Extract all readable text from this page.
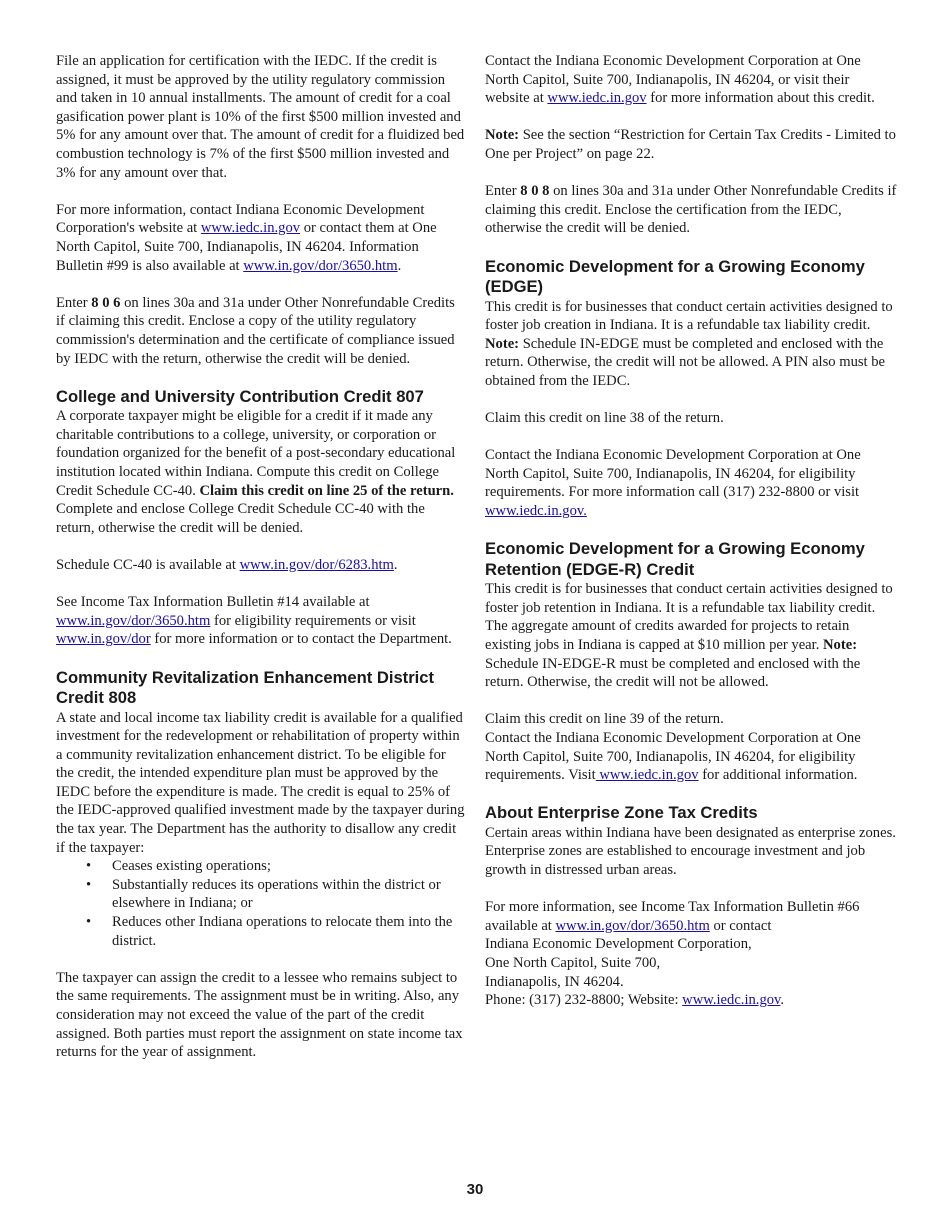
File an application for certification with the IEDC. If the credit is assigned, it must be approved by the utility regulatory commission and taken in 10 annual installments. The amount of credit for a coal gasification power plant is 10% of the first $500 million invested and 5% for any amount over that. The amount of credit for a fluidized bed combustion technology is 7% of the first $500 million invested and 3% for any amount over that.

For more information, contact Indiana Economic Development Corporation's website at www.iedc.in.gov or contact them at One North Capitol, Suite 700, Indianapolis, IN 46204. Information Bulletin #99 is also available at www.in.gov/dor/3650.htm.

Enter 8 0 6 on lines 30a and 31a under Other Nonrefundable Credits if claiming this credit. Enclose a copy of the utility regulatory commission's determination and the certificate of compliance issued by IEDC with the return, otherwise the credit will be denied.

College and University Contribution Credit 807

A corporate taxpayer might be eligible for a credit if it made any charitable contributions to a college, university, or corporation or foundation organized for the benefit of a post-secondary educational institution located within Indiana. Compute this credit on College Credit Schedule CC-40. Claim this credit on line 25 of the return. Complete and enclose College Credit Schedule CC-40 with the return, otherwise the credit will be denied.

Schedule CC-40 is available at www.in.gov/dor/6283.htm.

See Income Tax Information Bulletin #14 available at www.in.gov/dor/3650.htm for eligibility requirements or visit www.in.gov/dor for more information or to contact the Department.

Community Revitalization Enhancement District Credit 808

A state and local income tax liability credit is available for a qualified investment for the redevelopment or rehabilitation of property within a community revitalization enhancement district. To be eligible for the credit, the intended expenditure plan must be approved by the IEDC before the expenditure is made. The credit is equal to 25% of the IEDC-approved qualified investment made by the taxpayer during the tax year. The Department has the authority to disallow any credit if the taxpayer:

• Ceases existing operations;
• Substantially reduces its operations within the district or elsewhere in Indiana; or
• Reduces other Indiana operations to relocate them into the district.

The taxpayer can assign the credit to a lessee who remains subject to the same requirements. The assignment must be in writing. Also, any consideration may not exceed the value of the part of the credit assigned. Both parties must report the assignment on state income tax returns for the year of assignment.

Contact the Indiana Economic Development Corporation at One North Capitol, Suite 700, Indianapolis, IN 46204, or visit their website at www.iedc.in.gov for more information about this credit.

Note: See the section “Restriction for Certain Tax Credits - Limited to One per Project” on page 22.

Enter 8 0 8 on lines 30a and 31a under Other Nonrefundable Credits if claiming this credit. Enclose the certification from the IEDC, otherwise the credit will be denied.

Economic Development for a Growing Economy (EDGE)

This credit is for businesses that conduct certain activities designed to foster job creation in Indiana. It is a refundable tax liability credit. Note: Schedule IN-EDGE must be completed and enclosed with the return. Otherwise, the credit will not be allowed. A PIN also must be obtained from the IEDC.

Claim this credit on line 38 of the return.

Contact the Indiana Economic Development Corporation at One North Capitol, Suite 700, Indianapolis, IN 46204, for eligibility requirements. For more information call (317) 232-8800 or visit www.iedc.in.gov.

Economic Development for a Growing Economy Retention (EDGE-R) Credit

This credit is for businesses that conduct certain activities designed to foster job retention in Indiana. It is a refundable tax liability credit. The aggregate amount of credits awarded for projects to retain existing jobs in Indiana is capped at $10 million per year. Note: Schedule IN-EDGE-R must be completed and enclosed with the return. Otherwise, the credit will not be allowed.

Claim this credit on line 39 of the return.

Contact the Indiana Economic Development Corporation at One North Capitol, Suite 700, Indianapolis, IN 46204, for eligibility requirements. Visit www.iedc.in.gov for additional information.

About Enterprise Zone Tax Credits

Certain areas within Indiana have been designated as enterprise zones. Enterprise zones are established to encourage investment and job growth in distressed urban areas.

For more information, see Income Tax Information Bulletin #66 available at www.in.gov/dor/3650.htm or contact
Indiana Economic Development Corporation,
One North Capitol, Suite 700,
Indianapolis, IN 46204.
Phone: (317) 232-8800; Website: www.iedc.in.gov.

30
